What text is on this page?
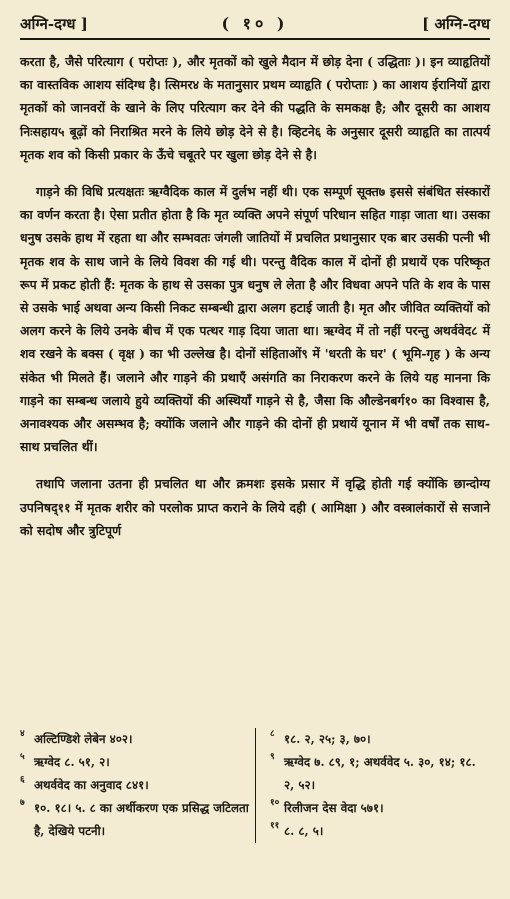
अग्नि-दग्ध ]	( १० )	[ अग्नि-दग्ध

करता है, जैसे परित्याग ( परोप्तः ), और मृतकों को खुले मैदान में छोड़ देना ( उद्धिताः )। इन व्याहृतियों का वास्तविक आशय संदिग्ध है। त्सिमर४ के मतानुसार प्रथम व्याहृति ( परोप्ताः ) का आशय ईरानियों द्वारा मृतकों को जानवरों के खाने के लिए परित्याग कर देने की पद्धति के समकक्ष है; और दूसरी का आशय निःसहाय५ बूढ़ों को निराश्रित मरने के लिये छोड़ देने से है। व्हिटने६ के अनुसार दूसरी व्याहृति का तात्पर्य मृतक शव को किसी प्रकार के ऊँचे चबूतरे पर खुला छोड़ देने से है।

गाड़ने की विधि प्रत्यक्षतः ऋग्वैदिक काल में दुर्लभ नहीं थी। एक सम्पूर्ण सूक्त७ इससे संबंधित संस्कारों का वर्णन करता है। ऐसा प्रतीत होता है कि मृत व्यक्ति अपने संपूर्ण परिधान सहित गाड़ा जाता था। उसका धनुष उसके हाथ में रहता था और सम्भवतः जंगली जातियों में प्रचलित प्रथानुसार एक बार उसकी पत्नी भी मृतक शव के साथ जाने के लिये विवश की गई थी। परन्तु वैदिक काल में दोनों ही प्रथायें एक परिष्कृत रूप में प्रकट होती हैं: मृतक के हाथ से उसका पुत्र धनुष ले लेता है और विधवा अपने पति के शव के पास से उसके भाई अथवा अन्य किसी निकट सम्बन्धी द्वारा अलग हटाई जाती है। मृत और जीवित व्यक्तियों को अलग करने के लिये उनके बीच में एक पत्थर गाड़ दिया जाता था। ऋग्वेद में तो नहीं परन्तु अथर्ववेद८ में शव रखने के बक्स ( वृक्ष ) का भी उल्लेख है। दोनों संहिताओं९ में 'धरती के घर' ( भूमि-गृह ) के अन्य संकेत भी मिलते हैं। जलाने और गाड़ने की प्रथाएँ असंगति का निराकरण करने के लिये यह मानना कि गाड़ने का सम्बन्ध जलाये हुये व्यक्तियों की अस्थियाँ गाड़ने से है, जैसा कि औल्डेनबर्ग१० का विश्वास है, अनावश्यक और असम्भव है; क्योंकि जलाने और गाड़ने की दोनों ही प्रथायें यूनान में भी वर्षों तक साथ-साथ प्रचलित थीं।

तथापि जलाना उतना ही प्रचलित था और क्रमशः इसके प्रसार में वृद्धि होती गई क्योंकि छान्दोग्य उपनिषद्११ में मृतक शरीर को परलोक प्राप्त कराने के लिये दही ( आमिक्षा ) और वस्त्रालंकारों से सजाने को सदोष और त्रुटिपूर्ण

४ अल्टिण्डिशे लेबेन ४०२।
५ ऋग्वेद ८. ५१, २।
६ अथर्ववेद का अनुवाद ८४१।
७ १०. १८। ५. ८ का अर्थीकरण एक प्रसिद्ध जटिलता है, देखिये पटनी।
८ १८. २, २५; ३, ७०।
९ ऋग्वेद ७. ८९, १; अथर्ववेद ५. ३०, १४; १८. २, ५२।
१० रिलीजन देस वेदा ५७१।
११ ८. ८, ५।
